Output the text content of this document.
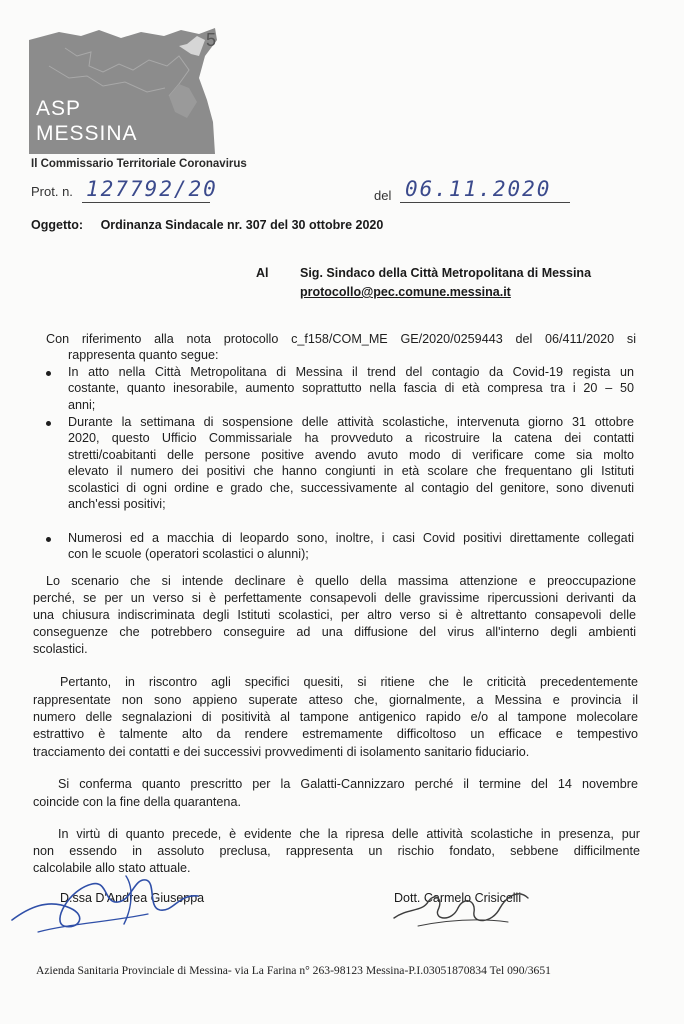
ASP
MESSINA
5
Il Commissario Territoriale Coronavirus
Prot. n. 127792/20	del 06.11.2020
Oggetto: Ordinanza Sindacale nr. 307 del 30 ottobre 2020
Al	Sig. Sindaco della Città Metropolitana di Messina
protocollo@pec.comune.messina.it
Con riferimento alla nota protocollo c_f158/COM_ME GE/2020/0259443 del 06/411/2020 si
rappresenta quanto segue:
In atto nella Città Metropolitana di Messina il trend del contagio da Covid-19 regista un
costante, quanto inesorabile, aumento soprattutto nella fascia di età compresa tra i 20 – 50
anni;
Durante la settimana di sospensione delle attività scolastiche, intervenuta giorno 31 ottobre
2020, questo Ufficio Commissariale ha provveduto a ricostruire la catena dei contatti
stretti/coabitanti delle persone positive avendo avuto modo di verificare come sia molto
elevato il numero dei positivi che hanno congiunti in età scolare che frequentano gli Istituti
scolastici di ogni ordine e grado che, successivamente al contagio del genitore, sono divenuti
anch'essi positivi;
Numerosi ed a macchia di leopardo sono, inoltre, i casi Covid positivi direttamente collegati
con le scuole (operatori scolastici o alunni);
Lo scenario che si intende declinare è quello della massima attenzione e preoccupazione
perché, se per un verso si è perfettamente consapevoli delle gravissime ripercussioni derivanti da
una chiusura indiscriminata degli Istituti scolastici, per altro verso si è altrettanto consapevoli delle
conseguenze che potrebbero conseguire ad una diffusione del virus all'interno degli ambienti
scolastici.
Pertanto, in riscontro agli specifici quesiti, si ritiene che le criticità precedentemente
rappresentate non sono appieno superate atteso che, giornalmente, a Messina e provincia il
numero delle segnalazioni di positività al tampone antigenico rapido e/o al tampone molecolare
estrattivo è talmente alto da rendere estremamente difficoltoso un efficace e tempestivo
tracciamento dei contatti e dei successivi provvedimenti di isolamento sanitario fiduciario.
Si conferma quanto prescritto per la Galatti-Cannizzaro perché il termine del 14 novembre
coincide con la fine della quarantena.
In virtù di quanto precede, è evidente che la ripresa delle attività scolastiche in presenza, pur
non essendo in assoluto preclusa, rappresenta un rischio fondato, sebbene difficilmente
calcolabile allo stato attuale.
D.ssa D'Andrea Giuseppa	Dott. Carmelo Crisicelli
Azienda Sanitaria Provinciale di Messina- via La Farina n° 263-98123 Messina-P.I.03051870834 Tel 090/3651
